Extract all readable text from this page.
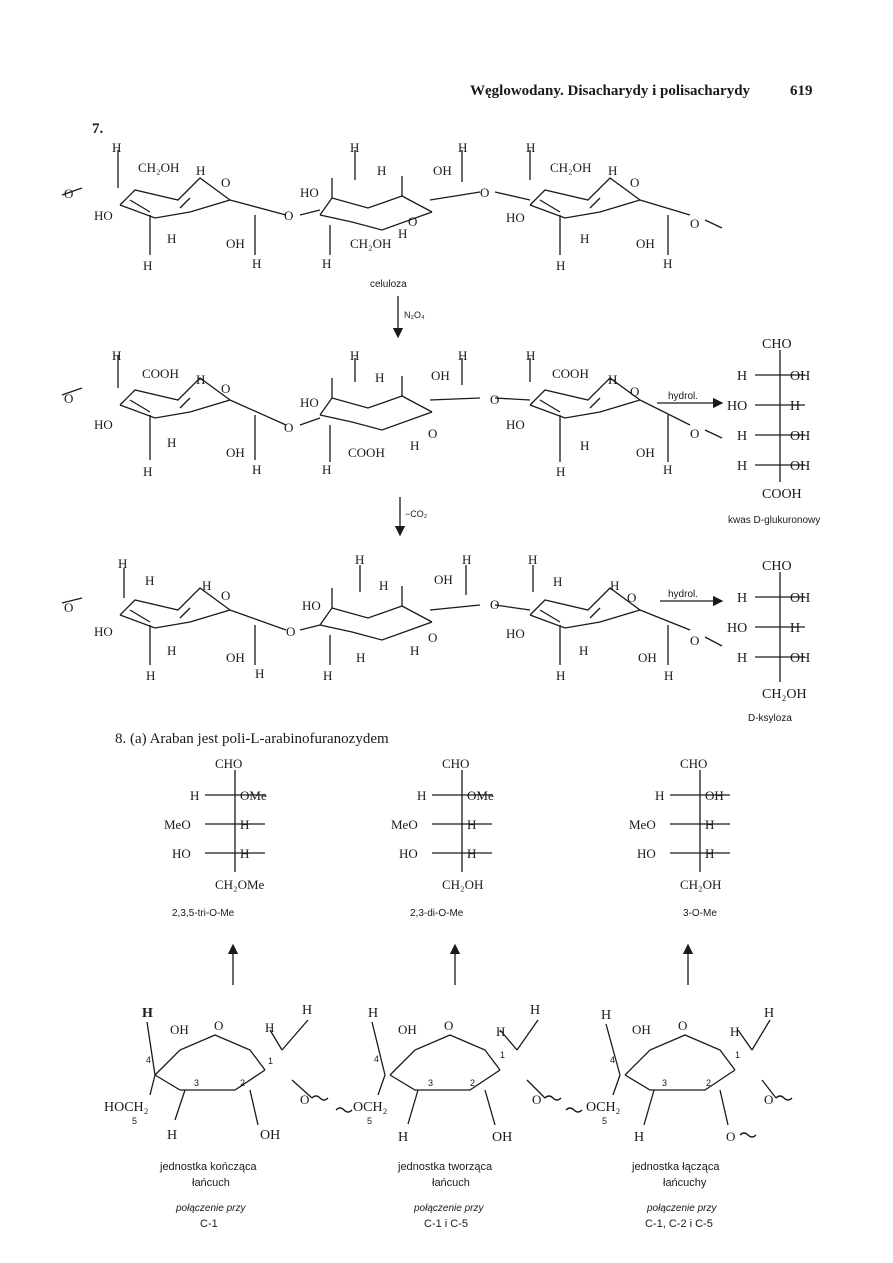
Węglowodany. Disacharydy i polisacharydy	619
7.
H
CH₂OH H
O
O
HO
H	OH
H	H
O
H	H
H	OH
HO	O
O
CH₂OH
H
H
H
CH₂OH H
O
HO
H	OH
H	H
O
celuloza
N₂O₄
H
COOH H
O
O
HO
H
OH
H	H
O
H	H
H	OH
HO	O
O
COOH H
H
H
COOH H
O
HO
H	OH
H	H
O
hydrol.
CHO
H	OH
HO	H
H	OH
H	OH
COOH
kwas D-glukuronowy
−CO₂
H
H	H
O
O
HO
H	OH
H	H
O
H	H
H	OH
HO	O
O
H	H
H
H
H	H
O
HO
H	OH
H	H
O
hydrol.
CHO
H	OH
HO	H
H	OH
CH₂OH
D-ksyloza
8. (a) Araban jest poli-L-arabinofuranozydem
CHO
H	OMe
MeO	H
HO	H
CH₂OMe
2,3,5-tri-O-Me
CHO
H	OMe
MeO	H
HO	H
CH₂OH
2,3-di-O-Me
CHO
H	OH
MeO	H
HO	H
CH₂OH
3-O-Me
H	H
OH O	H
4	1
3	2
HOCH₂
5
O
H	OH
H	H
OH O	H
4	1
3	2
OCH₂
5
O
H	OH
H	H
OH O	H
4	1
3	2
OCH₂
5
O
H	O
jednostka kończąca
łańcuch
połączenie przy
C-1
jednostka tworząca
łańcuch
połączenie przy
C-1 i C-5
jednostka łącząca
łańcuchy
połączenie przy
C-1, C-2 i C-5
